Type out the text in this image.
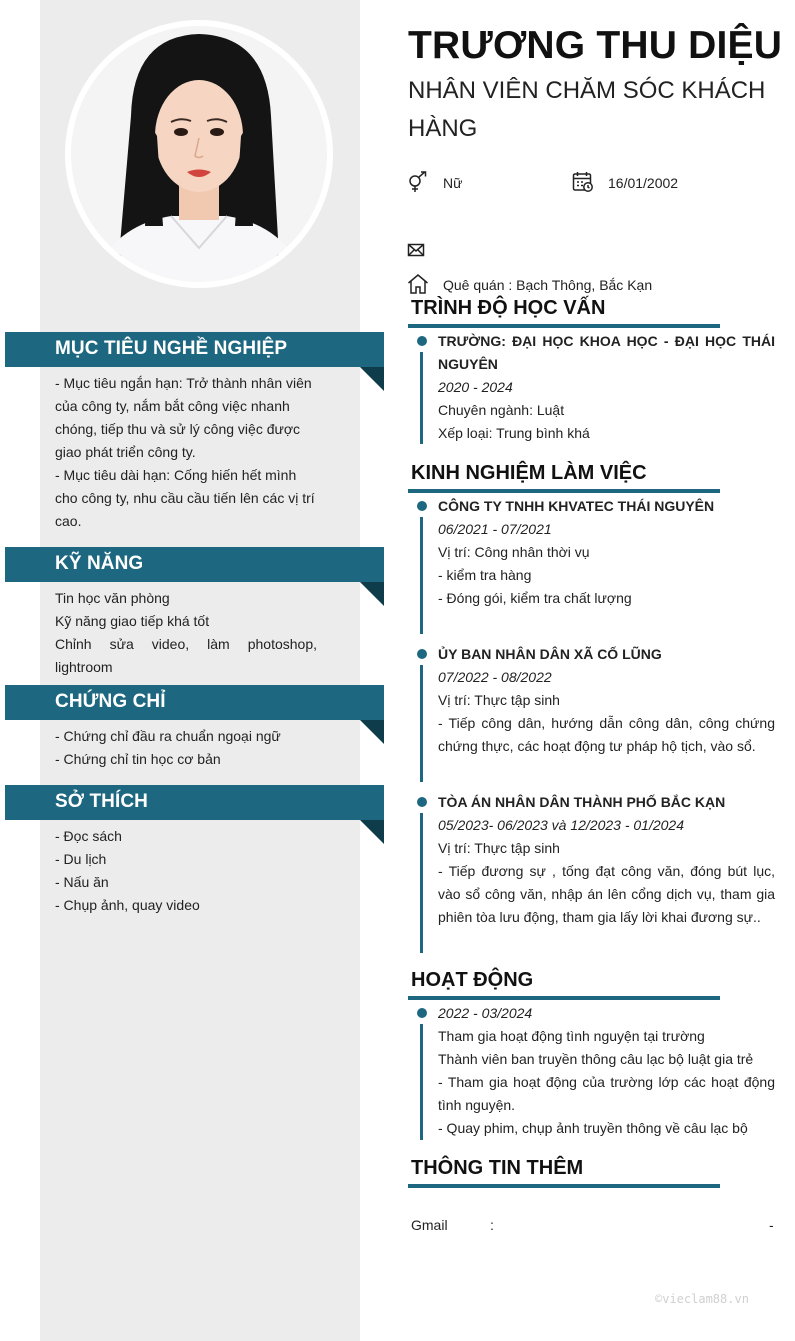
MỤC TIÊU NGHỀ NGHIỆP
- Mục tiêu ngắn hạn: Trở thành nhân viên
của công ty, nắm bắt công việc nhanh
chóng, tiếp thu và sử lý công việc được
giao phát triển công ty.
- Mục tiêu dài hạn: Cống hiến hết mình
cho công ty, nhu cầu cầu tiến lên các vị trí
cao.
KỸ NĂNG
Tin học văn phòng
Kỹ năng giao tiếp khá tốt
Chỉnh sửa video, làm photoshop,
lightroom
CHỨNG CHỈ
- Chứng chỉ đầu ra chuẩn ngoại ngữ
- Chứng chỉ tin học cơ bản
SỞ THÍCH
- Đọc sách
- Du lịch
- Nấu ăn
- Chụp ảnh, quay video
TRƯƠNG THU DIỆU
NHÂN VIÊN CHĂM SÓC KHÁCH HÀNG
Nữ	16/01/2002
Quê quán : Bạch Thông, Bắc Kạn
TRÌNH ĐỘ HỌC VẤN
TRƯỜNG: ĐẠI HỌC KHOA HỌC - ĐẠI HỌC THÁI NGUYÊN
2020 - 2024
Chuyên ngành: Luật
Xếp loại: Trung bình khá
KINH NGHIỆM LÀM VIỆC
CÔNG TY TNHH KHVATEC THÁI NGUYÊN
06/2021 - 07/2021
Vị trí: Công nhân thời vụ
- kiểm tra hàng
- Đóng gói, kiểm tra chất lượng
ỦY BAN NHÂN DÂN XÃ CỐ LŨNG
07/2022 - 08/2022
Vị trí: Thực tập sinh
- Tiếp công dân, hướng dẫn công dân, công chứng chứng thực, các hoạt động tư pháp hộ tịch, vào sổ.
TÒA ÁN NHÂN DÂN THÀNH PHỐ BẮC KẠN
05/2023- 06/2023 và 12/2023 - 01/2024
Vị trí: Thực tập sinh
- Tiếp đương sự , tống đạt công văn, đóng bút lục, vào sổ công văn, nhập án lên cổng dịch vụ, tham gia phiên tòa lưu động, tham gia lấy lời khai đương sự..
HOẠT ĐỘNG
2022 - 03/2024
Tham gia hoạt động tình nguyện tại trường
Thành viên ban truyền thông câu lạc bộ luật gia trẻ
- Tham gia hoạt động của trường lớp các hoạt động tình nguyện.
- Quay phim, chụp ảnh truyền thông về câu lạc bộ
THÔNG TIN THÊM
Gmail	:	-
©vieclam88.vn
